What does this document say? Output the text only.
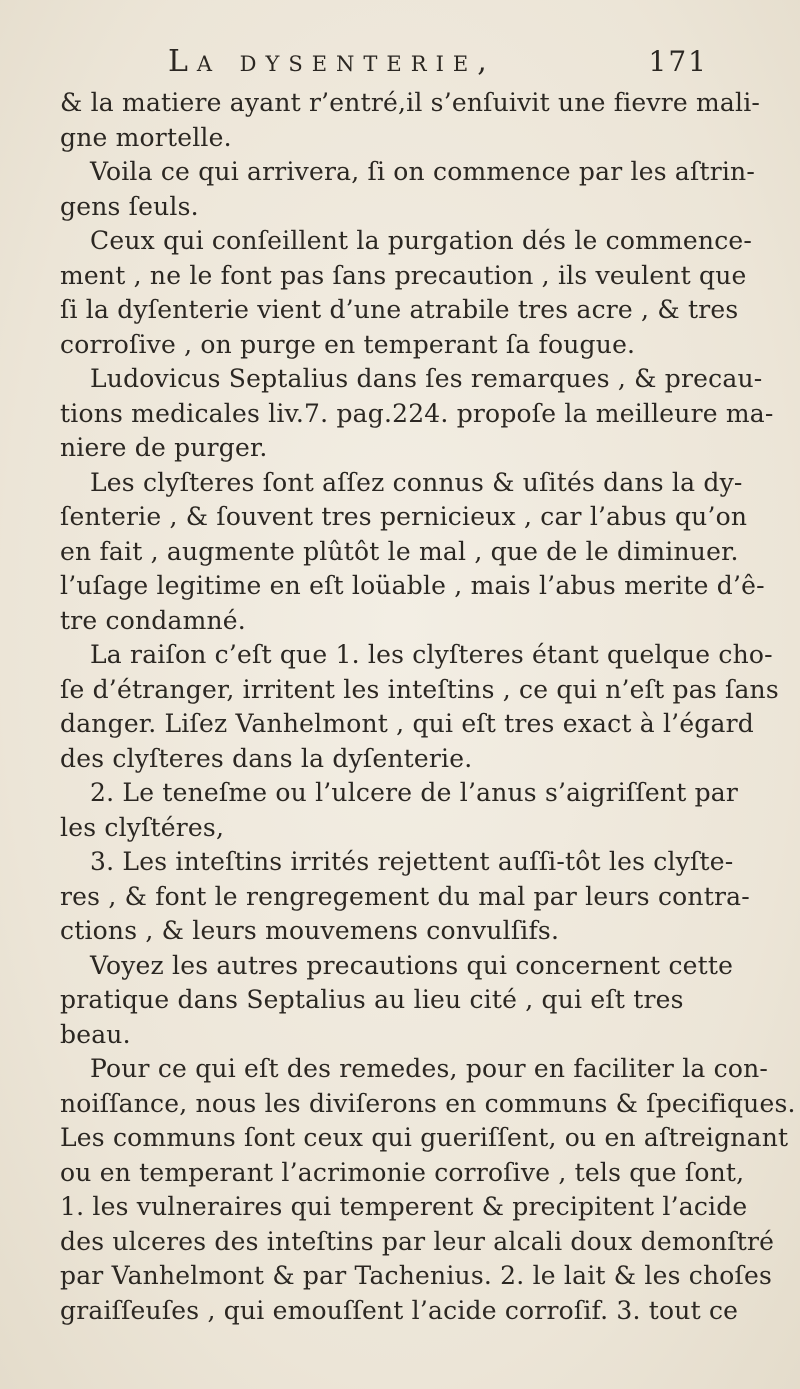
La dysenterie,	171
& la matiere ayant r’entré,il s’enſuivit une fievre mali-
gne mortelle.
Voila ce qui arrivera, ſi on commence par les aſtrin-
gens ſeuls.
Ceux qui conſeillent la purgation dés le commence-
ment , ne le font pas ſans precaution , ils veulent que
ſi la dyſenterie vient d’une atrabile tres acre , & tres
corroſive , on purge en temperant ſa fougue.
Ludovicus Septalius dans ſes remarques , & precau-
tions medicales liv.7. pag.224. propoſe la meilleure ma-
niere de purger.
Les clyſteres ſont aſſez connus & uſités dans la dy-
ſenterie , & ſouvent tres pernicieux , car l’abus qu’on
en fait , augmente plûtôt le mal , que de le diminuer.
l’uſage legitime en eſt loüable , mais l’abus merite d’ê-
tre condamné.
La raiſon c’eſt que 1. les clyſteres étant quelque cho-
ſe d’étranger, irritent les inteſtins , ce qui n’eſt pas ſans
danger. Liſez Vanhelmont , qui eſt tres exact à l’égard
des clyſteres dans la dyſenterie.
2. Le teneſme ou l’ulcere de l’anus s’aigriſſent par
les clyſtéres,
3. Les inteſtins irrités rejettent auſſi-tôt les clyſte-
res , & font le rengregement du mal par leurs contra-
ctions , & leurs mouvemens convulſifs.
Voyez les autres precautions qui concernent cette
pratique dans Septalius au lieu cité , qui eſt tres
beau.
Pour ce qui eſt des remedes, pour en faciliter la con-
noiſſance, nous les diviſerons en communs & ſpecifiques.
Les communs ſont ceux qui gueriſſent, ou en aſtreignant
ou en temperant l’acrimonie corroſive , tels que ſont,
1. les vulneraires qui temperent & precipitent l’acide
des ulceres des inteſtins par leur alcali doux demonſtré
par Vanhelmont & par Tachenius. 2. le lait & les choſes
graiſſeuſes , qui emouſſent l’acide corroſif. 3. tout ce
